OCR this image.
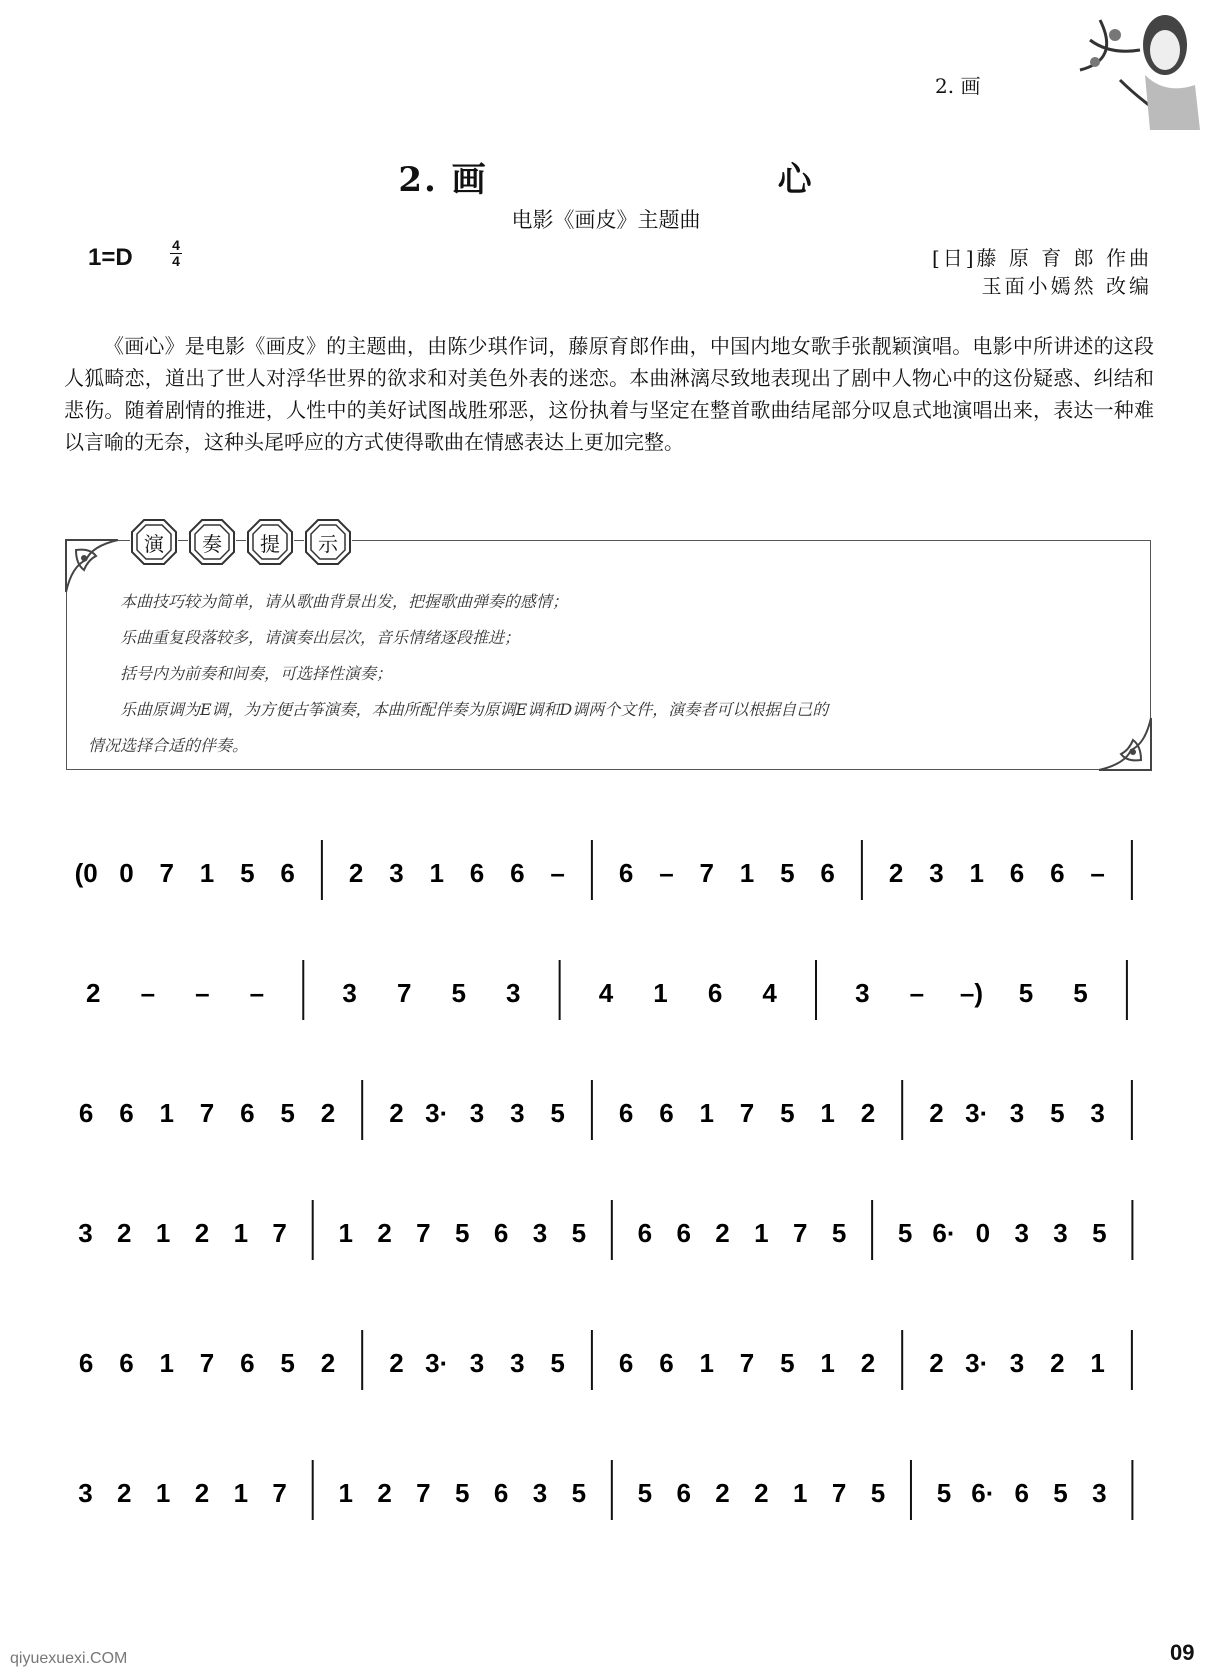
2. 画
2. 画	心
电影《画皮》主题曲
1=D	4
4	[日]藤 原 育 郎 作曲
玉面小嫣然 改编
《画心》是电影《画皮》的主题曲，由陈少琪作词，藤原育郎作曲，中国内地女歌手张靓颖演唱。电影中所讲述的这段人狐畸恋，道出了世人对浮华世界的欲求和对美色外表的迷恋。本曲淋漓尽致地表现出了剧中人物心中的这份疑惑、纠结和悲伤。随着剧情的推进，人性中的美好试图战胜邪恶，这份执着与坚定在整首歌曲结尾部分叹息式地演唱出来，表达一种难以言喻的无奈，这种头尾呼应的方式使得歌曲在情感表达上更加完整。
演 奏 提 示
本曲技巧较为简单，请从歌曲背景出发，把握歌曲弹奏的感情；
乐曲重复段落较多，请演奏出层次，音乐情绪逐段推进；
括号内为前奏和间奏，可选择性演奏；
乐曲原调为E调，为方便古筝演奏，本曲所配伴奏为原调E调和D调两个文件，演奏者可以根据自己的
情况选择合适的伴奏。
(0 0 7 1 5 6 2 3 1 6 6 – 6 – 7 1 5 6 2 3 1 6 6 –
2 – – –	3 7 5 3	4 1 6 4	3 – –) 5 5
6 6 1 7 6 5 2 2 3· 3 3 5 6 6 1 7 5 1 2 2 3· 3 5 3
3 2 1 2 1 7 1 2 7 5 6 3 5 6 6 2 1 7 5 5 6· 0 3 3 5
6 6 1 7 6 5 2 2 3· 3 3 5 6 6 1 7 5 1 2 2 3· 3 2 1
3 2 1 2 1 7 1 2 7 5 6 3 5 5 6 2 2 1 7 5 5 6· 6 5 3
qiyuexuexi.COM	09
